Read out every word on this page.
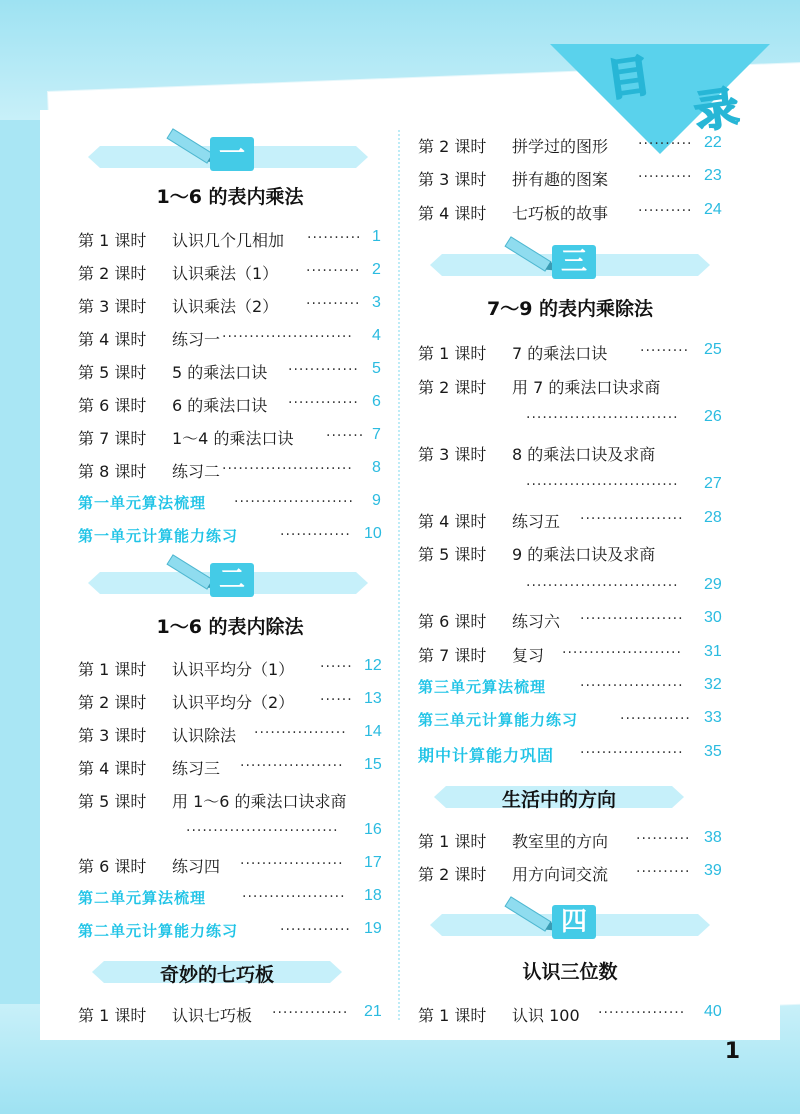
目
录
一
1～6 的表内乘法
第 1 课时	认识几个几相加 ·········· 1
第 2 课时	认识乘法（1） ·········· 2
第 3 课时	认识乘法（2） ·········· 3
第 4 课时	练习一 ························	4
第 5 课时	5 的乘法口诀 ············· 5
第 6 课时	6 的乘法口诀 ············· 6
第 7 课时	1～4 的乘法口诀 ······· 7
第 8 课时	练习二 ························	8
第一单元算法梳理 ······················	9
第一单元计算能力练习	············· 10
二
1～6 的表内除法
第 1 课时	认识平均分（1） ······ 12
第 2 课时	认识平均分（2） ······ 13
第 3 课时	认识除法 ·················	14
第 4 课时	练习三 ···················	15
第 5 课时	用 1～6 的乘法口诀求商
····························	16
第 6 课时	练习四 ···················	17
第二单元算法梳理	···················	18
第二单元计算能力练习	············· 19
奇妙的七巧板
第 1 课时	认识七巧板 ·············· 21
第 2 课时	拼学过的图形 ·········· 22
第 3 课时	拼有趣的图案 ·········· 23
第 4 课时	七巧板的故事 ·········· 24
三
7～9 的表内乘除法
第 1 课时	7 的乘法口诀 ········· 25
第 2 课时	用 7 的乘法口诀求商
····························	26
第 3 课时	8 的乘法口诀及求商
····························	27
第 4 课时	练习五 ···················	28
第 5 课时	9 的乘法口诀及求商
····························	29
第 6 课时	练习六 ···················	30
第 7 课时	复习 ······················	31
第三单元算法梳理 ···················	32
第三单元计算能力练习	············· 33
期中计算能力巩固 ···················	35
生活中的方向
第 1 课时	教室里的方向 ·········· 38
第 2 课时	用方向词交流 ·········· 39
四
认识三位数
第 1 课时	认识 100 ················	40
1
